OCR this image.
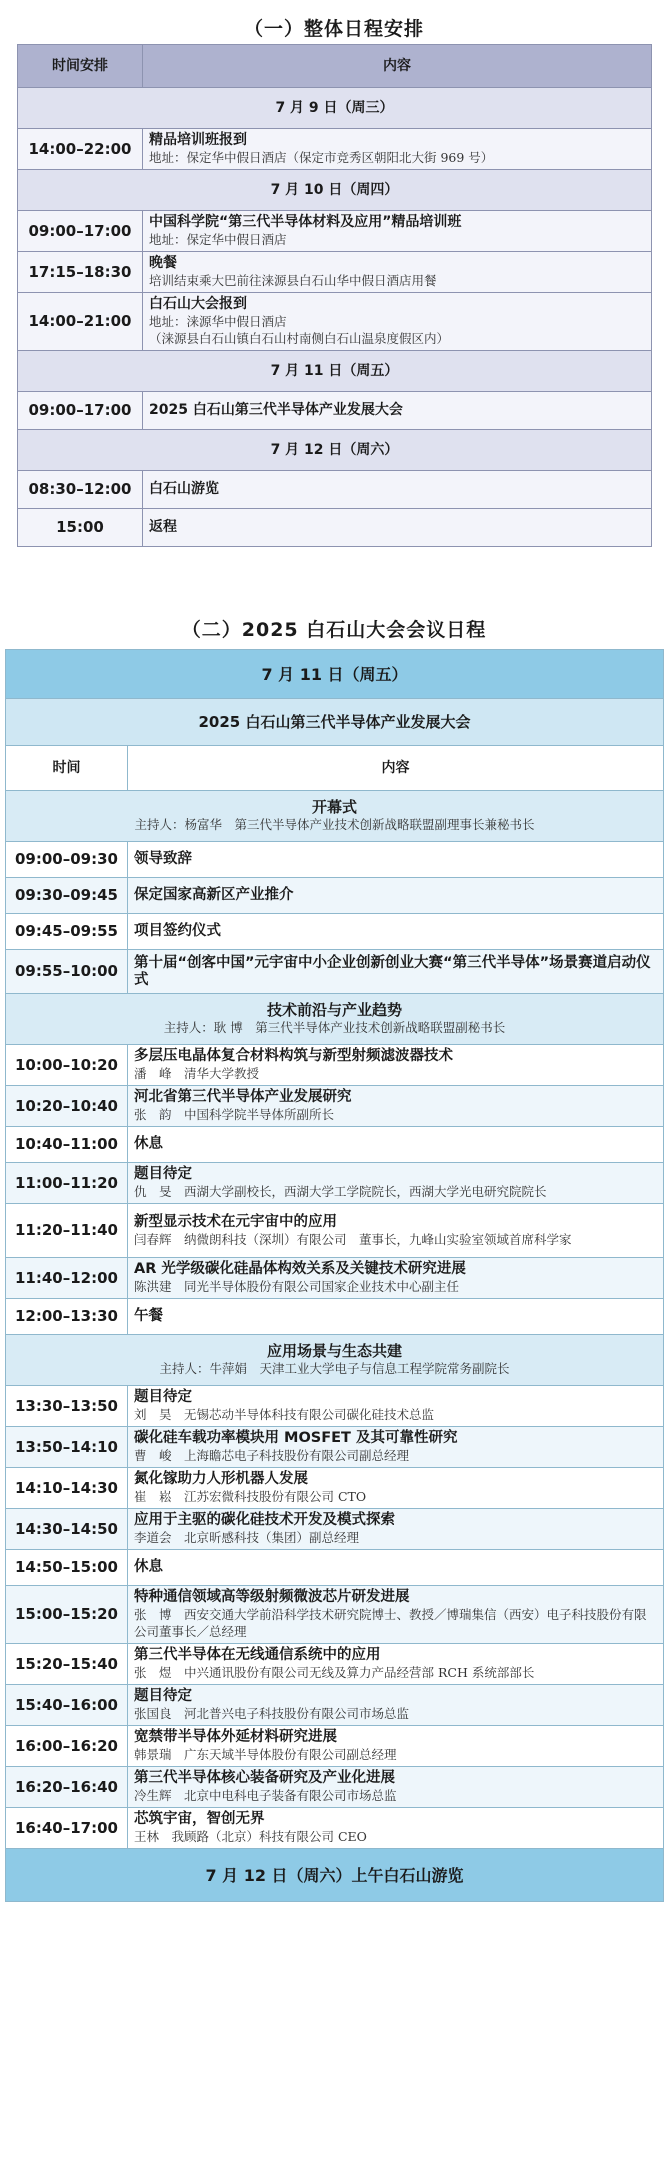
（一）整体日程安排
时间安排	内容
7 月 9 日（周三）	
14:00–22:00	精品培训班报到
地址：保定华中假日酒店（保定市竞秀区朝阳北大街 969 号）

7 月 10 日（周四）	
09:00–17:00	中国科学院“第三代半导体材料及应用”精品培训班
地址：保定华中假日酒店

17:15–18:30	晚餐
培训结束乘大巴前往涞源县白石山华中假日酒店用餐

14:00–21:00	白石山大会报到
地址：涞源华中假日酒店
（涞源县白石山镇白石山村南侧白石山温泉度假区内）

7 月 11 日（周五）	
09:00–17:00	2025 白石山第三代半导体产业发展大会

7 月 12 日（周六）	
08:30–12:00	白石山游览

15:00	返程
（二）2025 白石山大会会议日程
7 月 11 日（周五）	
2025 白石山第三代半导体产业发展大会	
时间	内容

开幕式
主持人：杨富华　第三代半导体产业技术创新战略联盟副理事长兼秘书长	

09:00–09:30	领导致辞

09:30–09:45	保定国家高新区产业推介

09:45–09:55	项目签约仪式

09:55–10:00	第十届“创客中国”元宇宙中小企业创新创业大赛“第三代半导体”场景赛道启动仪式

技术前沿与产业趋势
主持人：耿 博　第三代半导体产业技术创新战略联盟副秘书长	

10:00–10:20	多层压电晶体复合材料构筑与新型射频滤波器技术
潘　峰　清华大学教授

10:20–10:40	河北省第三代半导体产业发展研究
张　韵　中国科学院半导体所副所长

10:40–11:00	休息

11:00–11:20	题目待定
仇　旻　西湖大学副校长，西湖大学工学院院长，西湖大学光电研究院院长

11:20–11:40	新型显示技术在元宇宙中的应用
闫春辉　纳微朗科技（深圳）有限公司　董事长，九峰山实验室领域首席科学家

11:40–12:00	AR 光学级碳化硅晶体构效关系及关键技术研究进展
陈洪建　同光半导体股份有限公司国家企业技术中心副主任

12:00–13:30	午餐

应用场景与生态共建
主持人：牛萍娟　天津工业大学电子与信息工程学院常务副院长	

13:30–13:50	题目待定
刘　昊　无锡芯动半导体科技有限公司碳化硅技术总监

13:50–14:10	碳化硅车载功率模块用 MOSFET 及其可靠性研究
曹　峻　上海瞻芯电子科技股份有限公司副总经理

14:10–14:30	氮化镓助力人形机器人发展
崔　崧　江苏宏微科技股份有限公司 CTO

14:30–14:50	应用于主驱的碳化硅技术开发及模式探索
李道会　北京昕感科技（集团）副总经理

14:50–15:00	休息

15:00–15:20	特种通信领域高等级射频微波芯片研发进展
张　博　西安交通大学前沿科学技术研究院博士、教授／博瑞集信（西安）电子科技股份有限公司董事长／总经理

15:20–15:40	第三代半导体在无线通信系统中的应用
张　煜　中兴通讯股份有限公司无线及算力产品经营部 RCH 系统部部长

15:40–16:00	题目待定
张国良　河北普兴电子科技股份有限公司市场总监

16:00–16:20	宽禁带半导体外延材料研究进展
韩景瑞　广东天域半导体股份有限公司副总经理

16:20–16:40	第三代半导体核心装备研究及产业化进展
冷生辉　北京中电科电子装备有限公司市场总监

16:40–17:00	芯筑宇宙，智创无界
王林　我顾路（北京）科技有限公司 CEO

7 月 12 日（周六）上午白石山游览	
